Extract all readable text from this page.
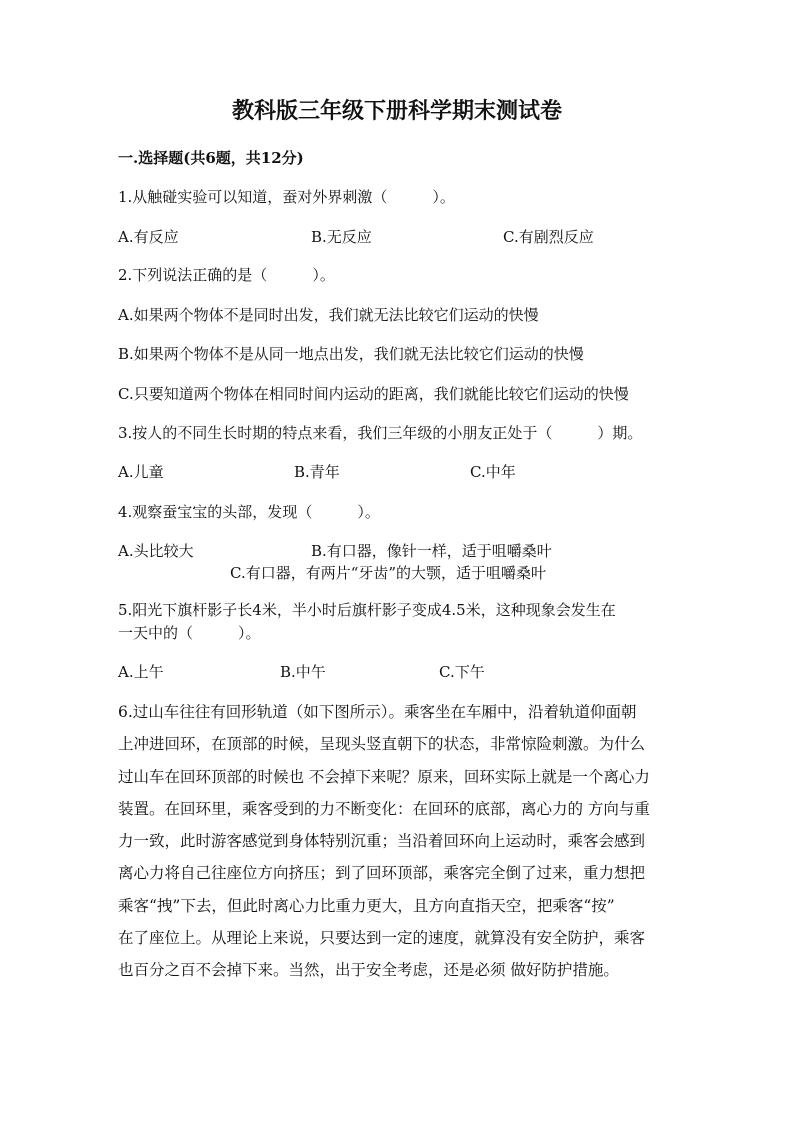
教科版三年级下册科学期末测试卷
一.选择题(共6题，共12分)
1.从触碰实验可以知道，蚕对外界刺激（　　　）。
A.有反应	B.无反应	C.有剧烈反应
2.下列说法正确的是（　　　）。
A.如果两个物体不是同时出发，我们就无法比较它们运动的快慢
B.如果两个物体不是从同一地点出发，我们就无法比较它们运动的快慢
C.只要知道两个物体在相同时间内运动的距离，我们就能比较它们运动的快慢
3.按人的不同生长时期的特点来看，我们三年级的小朋友正处于（　　　）期。
A.儿童	B.青年	C.中年
4.观察蚕宝宝的头部，发现（　　　）。
A.头比较大	B.有口器，像针一样，适于咀嚼桑叶
C.有口器，有两片“牙齿”的大颚，适于咀嚼桑叶
5.阳光下旗杆影子长4米，半小时后旗杆影子变成4.5米，这种现象会发生在
一天中的（　　　）。
A.上午	B.中午	C.下午
6.过山车往往有回形轨道（如下图所示）。乘客坐在车厢中，沿着轨道仰面朝
上冲进回环，在顶部的时候，呈现头竖直朝下的状态，非常惊险刺激。为什么
过山车在回环顶部的时候也 不会掉下来呢？原来，回环实际上就是一个离心力
装置。在回环里，乘客受到的力不断变化：在回环的底部，离心力的 方向与重
力一致，此时游客感觉到身体特别沉重；当沿着回环向上运动时，乘客会感到
离心力将自己往座位方向挤压；到了回环顶部，乘客完全倒了过来，重力想把
乘客“拽”下去，但此时离心力比重力更大，且方向直指天空，把乘客“按”
在了座位上。从理论上来说，只要达到一定的速度，就算没有安全防护，乘客
也百分之百不会掉下来。当然，出于安全考虑，还是必须 做好防护措施。
